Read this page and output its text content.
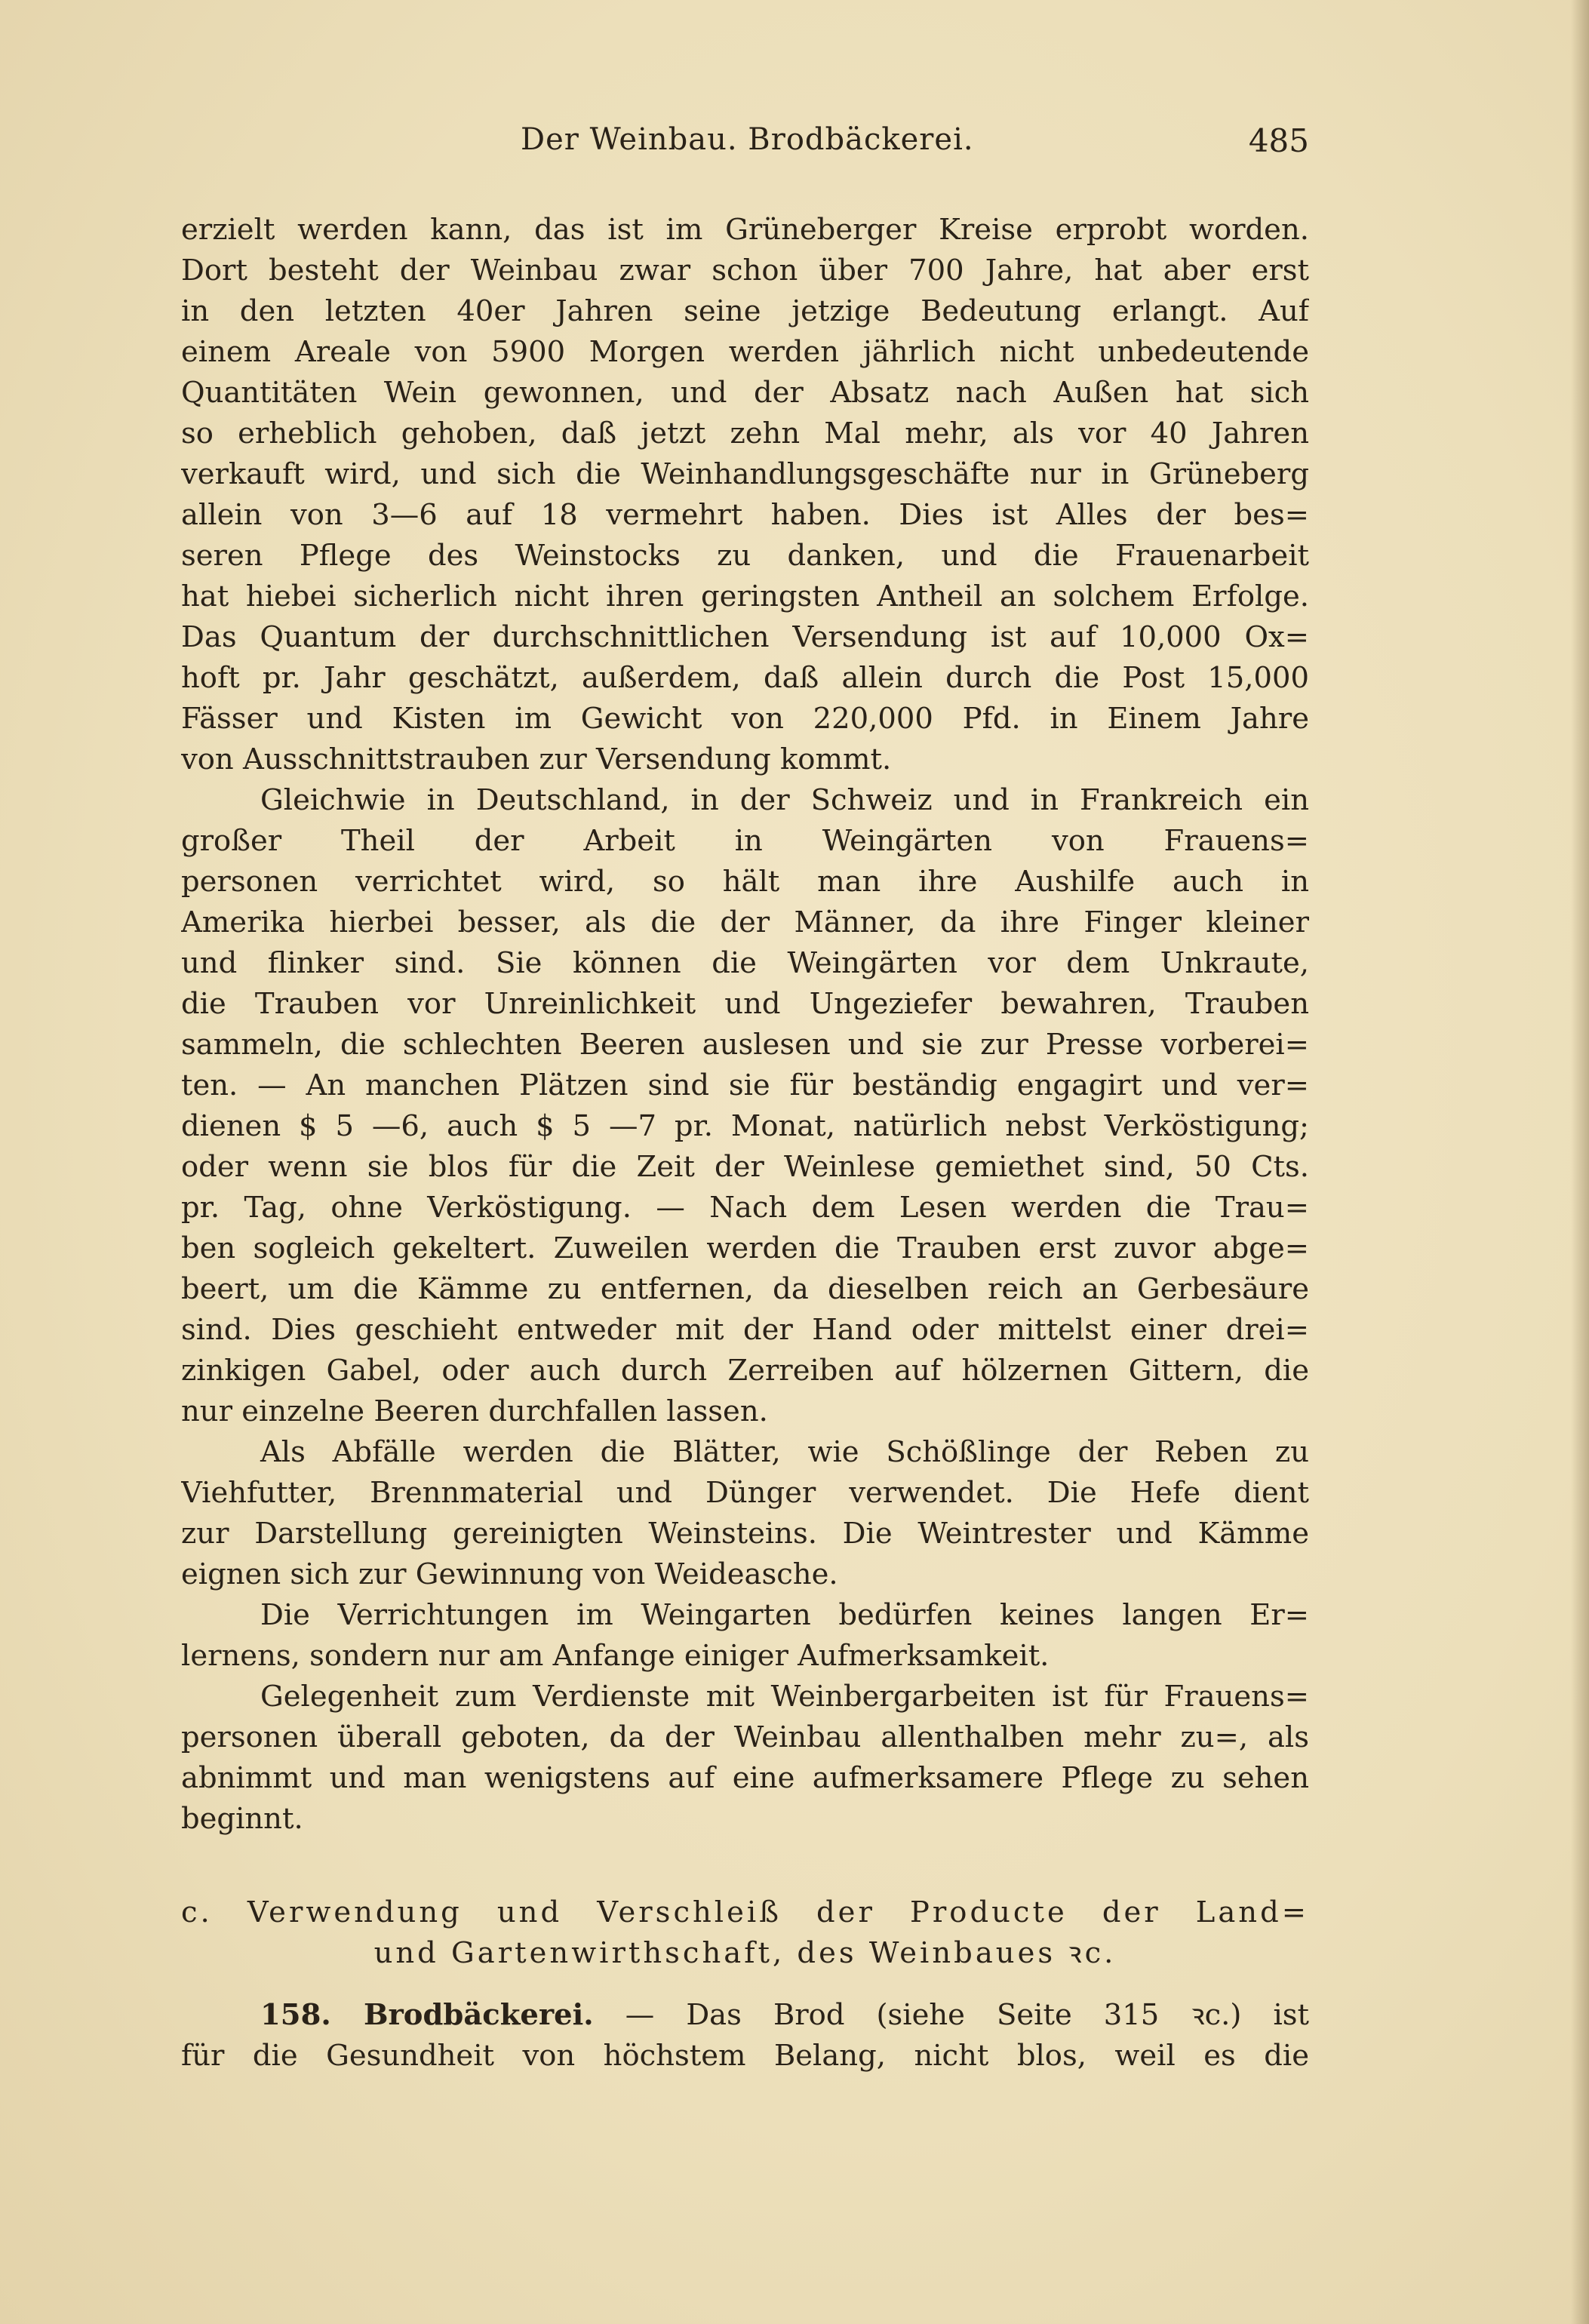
Der Weinbau. Brodbäckerei.	485
erzielt werden kann, das ist im Grüneberger Kreise erprobt worden.
Dort besteht der Weinbau zwar schon über 700 Jahre, hat aber erst
in den letzten 40er Jahren seine jetzige Bedeutung erlangt. Auf
einem Areale von 5900 Morgen werden jährlich nicht unbedeutende
Quantitäten Wein gewonnen, und der Absatz nach Außen hat sich
so erheblich gehoben, daß jetzt zehn Mal mehr, als vor 40 Jahren
verkauft wird, und sich die Weinhandlungsgeschäfte nur in Grüneberg
allein von 3—6 auf 18 vermehrt haben. Dies ist Alles der bes=
seren Pflege des Weinstocks zu danken, und die Frauenarbeit
hat hiebei sicherlich nicht ihren geringsten Antheil an solchem Erfolge.
Das Quantum der durchschnittlichen Versendung ist auf 10,000 Ox=
hoft pr. Jahr geschätzt, außerdem, daß allein durch die Post 15,000
Fässer und Kisten im Gewicht von 220,000 Pfd. in Einem Jahre
von Ausschnittstrauben zur Versendung kommt.
Gleichwie in Deutschland, in der Schweiz und in Frankreich ein
großer Theil der Arbeit in Weingärten von Frauens=
personen verrichtet wird, so hält man ihre Aushilfe auch in
Amerika hierbei besser, als die der Männer, da ihre Finger kleiner
und flinker sind. Sie können die Weingärten vor dem Unkraute,
die Trauben vor Unreinlichkeit und Ungeziefer bewahren, Trauben
sammeln, die schlechten Beeren auslesen und sie zur Presse vorberei=
ten. — An manchen Plätzen sind sie für beständig engagirt und ver=
dienen $ 5 —6, auch $ 5 —7 pr. Monat, natürlich nebst Verköstigung;
oder wenn sie blos für die Zeit der Weinlese gemiethet sind, 50 Cts.
pr. Tag, ohne Verköstigung. — Nach dem Lesen werden die Trau=
ben sogleich gekeltert. Zuweilen werden die Trauben erst zuvor abge=
beert, um die Kämme zu entfernen, da dieselben reich an Gerbesäure
sind. Dies geschieht entweder mit der Hand oder mittelst einer drei=
zinkigen Gabel, oder auch durch Zerreiben auf hölzernen Gittern, die
nur einzelne Beeren durchfallen lassen.
Als Abfälle werden die Blätter, wie Schößlinge der Reben zu
Viehfutter, Brennmaterial und Dünger verwendet. Die Hefe dient
zur Darstellung gereinigten Weinsteins. Die Weintrester und Kämme
eignen sich zur Gewinnung von Weideasche.
Die Verrichtungen im Weingarten bedürfen keines langen Er=
lernens, sondern nur am Anfange einiger Aufmerksamkeit.
Gelegenheit zum Verdienste mit Weinbergarbeiten ist für Frauens=
personen überall geboten, da der Weinbau allenthalben mehr zu=, als
abnimmt und man wenigstens auf eine aufmerksamere Pflege zu sehen
beginnt.
c. Verwendung und Verschleiß der Producte der Land=
und Gartenwirthschaft, des Weinbaues ꝛc.
158. Brodbäckerei. — Das Brod (siehe Seite 315 ꝛc.) ist
für die Gesundheit von höchstem Belang, nicht blos, weil es die
